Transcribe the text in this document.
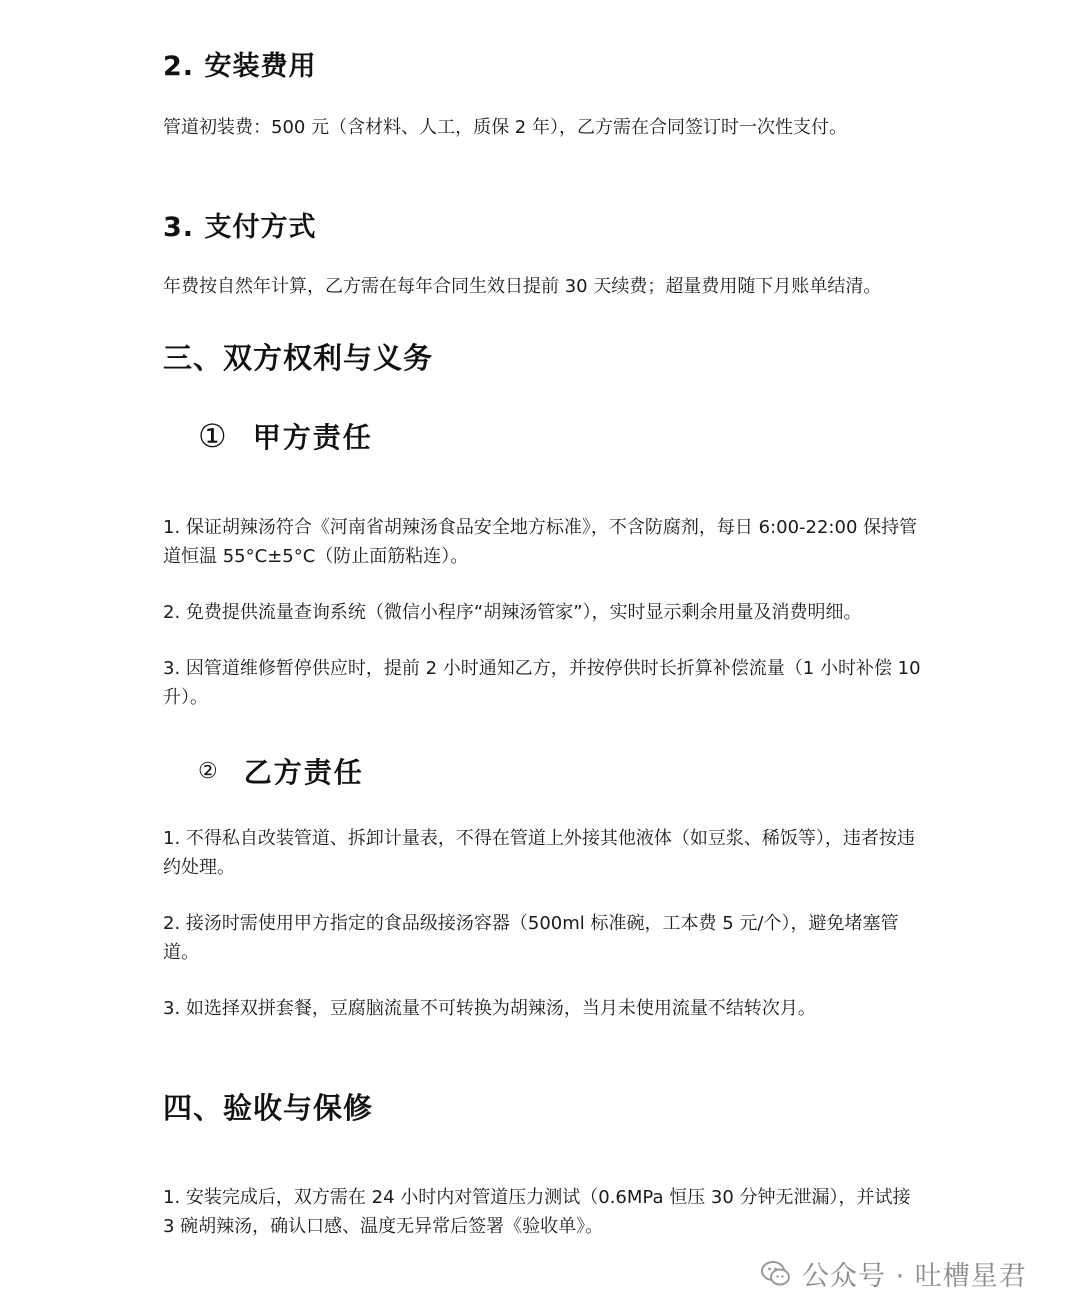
2. 安装费用
管道初装费：500 元（含材料、人工，质保 2 年），乙方需在合同签订时一次性支付。
3. 支付方式
年费按自然年计算，乙方需在每年合同生效日提前 30 天续费；超量费用随下月账单结清。
三、双方权利与义务
① 甲方责任
1. 保证胡辣汤符合《河南省胡辣汤食品安全地方标准》，不含防腐剂，每日 6:00-22:00 保持管道恒温 55°C±5°C（防止面筋粘连）。
2. 免费提供流量查询系统（微信小程序“胡辣汤管家”），实时显示剩余用量及消费明细。
3. 因管道维修暂停供应时，提前 2 小时通知乙方，并按停供时长折算补偿流量（1 小时补偿 10 升）。
② 乙方责任
1. 不得私自改装管道、拆卸计量表，不得在管道上外接其他液体（如豆浆、稀饭等），违者按违约处理。
2. 接汤时需使用甲方指定的食品级接汤容器（500ml 标准碗，工本费 5 元/个），避免堵塞管道。
3. 如选择双拼套餐，豆腐脑流量不可转换为胡辣汤，当月未使用流量不结转次月。
四、验收与保修
1. 安装完成后，双方需在 24 小时内对管道压力测试（0.6MPa 恒压 30 分钟无泄漏），并试接 3 碗胡辣汤，确认口感、温度无异常后签署《验收单》。
公众号 · 吐槽星君
